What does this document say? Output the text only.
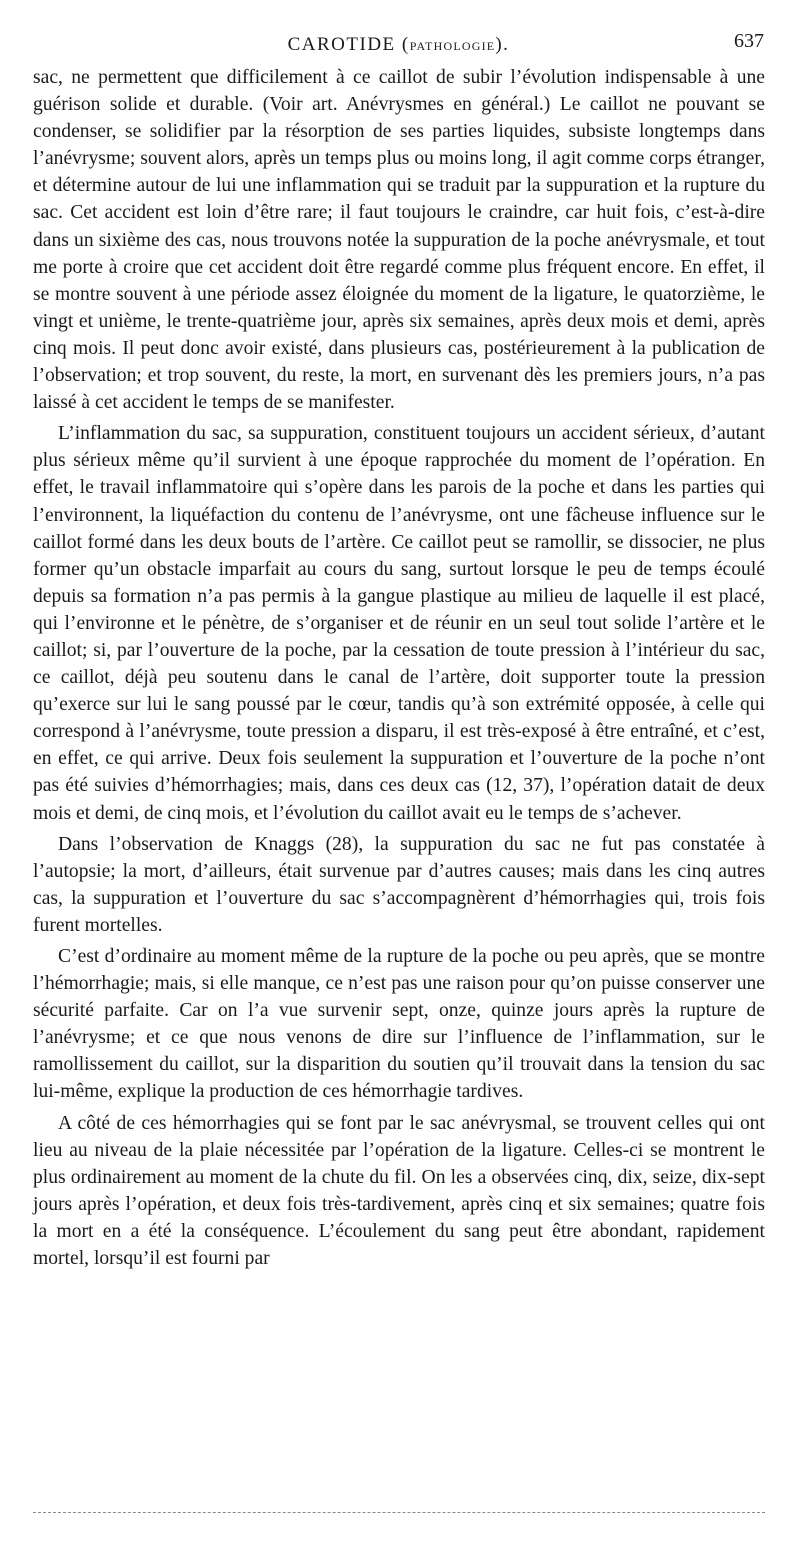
CAROTIDE (PATHOLOGIE).	637

sac, ne permettent que difficilement à ce caillot de subir l’évolution indispensable à une guérison solide et durable. (Voir art. Anévrysmes en général.) Le caillot ne pouvant se condenser, se solidifier par la résorption de ses parties liquides, subsiste longtemps dans l’anévrysme; souvent alors, après un temps plus ou moins long, il agit comme corps étranger, et détermine autour de lui une inflammation qui se traduit par la suppuration et la rupture du sac. Cet accident est loin d’être rare; il faut toujours le craindre, car huit fois, c’est-à-dire dans un sixième des cas, nous trouvons notée la suppuration de la poche anévrysmale, et tout me porte à croire que cet accident doit être regardé comme plus fréquent encore. En effet, il se montre souvent à une période assez éloignée du moment de la ligature, le quatorzième, le vingt et unième, le trente-quatrième jour, après six semaines, après deux mois et demi, après cinq mois. Il peut donc avoir existé, dans plusieurs cas, postérieurement à la publication de l’observation; et trop souvent, du reste, la mort, en survenant dès les premiers jours, n’a pas laissé à cet accident le temps de se manifester.

L’inflammation du sac, sa suppuration, constituent toujours un accident sérieux, d’autant plus sérieux même qu’il survient à une époque rapprochée du moment de l’opération. En effet, le travail inflammatoire qui s’opère dans les parois de la poche et dans les parties qui l’environnent, la liquéfaction du contenu de l’anévrysme, ont une fâcheuse influence sur le caillot formé dans les deux bouts de l’artère. Ce caillot peut se ramollir, se dissocier, ne plus former qu’un obstacle imparfait au cours du sang, surtout lorsque le peu de temps écoulé depuis sa formation n’a pas permis à la gangue plastique au milieu de laquelle il est placé, qui l’environne et le pénètre, de s’organiser et de réunir en un seul tout solide l’artère et le caillot; si, par l’ouverture de la poche, par la cessation de toute pression à l’intérieur du sac, ce caillot, déjà peu soutenu dans le canal de l’artère, doit supporter toute la pression qu’exerce sur lui le sang poussé par le cœur, tandis qu’à son extrémité opposée, à celle qui correspond à l’anévrysme, toute pression a disparu, il est très-exposé à être entraîné, et c’est, en effet, ce qui arrive. Deux fois seulement la suppuration et l’ouverture de la poche n’ont pas été suivies d’hémorrhagies; mais, dans ces deux cas (12, 37), l’opération datait de deux mois et demi, de cinq mois, et l’évolution du caillot avait eu le temps de s’achever.

Dans l’observation de Knaggs (28), la suppuration du sac ne fut pas constatée à l’autopsie; la mort, d’ailleurs, était survenue par d’autres causes; mais dans les cinq autres cas, la suppuration et l’ouverture du sac s’accompagnèrent d’hémorrhagies qui, trois fois furent mortelles.

C’est d’ordinaire au moment même de la rupture de la poche ou peu après, que se montre l’hémorrhagie; mais, si elle manque, ce n’est pas une raison pour qu’on puisse conserver une sécurité parfaite. Car on l’a vue survenir sept, onze, quinze jours après la rupture de l’anévrysme; et ce que nous venons de dire sur l’influence de l’inflammation, sur le ramollissement du caillot, sur la disparition du soutien qu’il trouvait dans la tension du sac lui-même, explique la production de ces hémorrhagie tardives.

A côté de ces hémorrhagies qui se font par le sac anévrysmal, se trouvent celles qui ont lieu au niveau de la plaie nécessitée par l’opération de la ligature. Celles-ci se montrent le plus ordinairement au moment de la chute du fil. On les a observées cinq, dix, seize, dix-sept jours après l’opération, et deux fois très-tardivement, après cinq et six semaines; quatre fois la mort en a été la conséquence. L’écoulement du sang peut être abondant, rapidement mortel, lorsqu’il est fourni par
